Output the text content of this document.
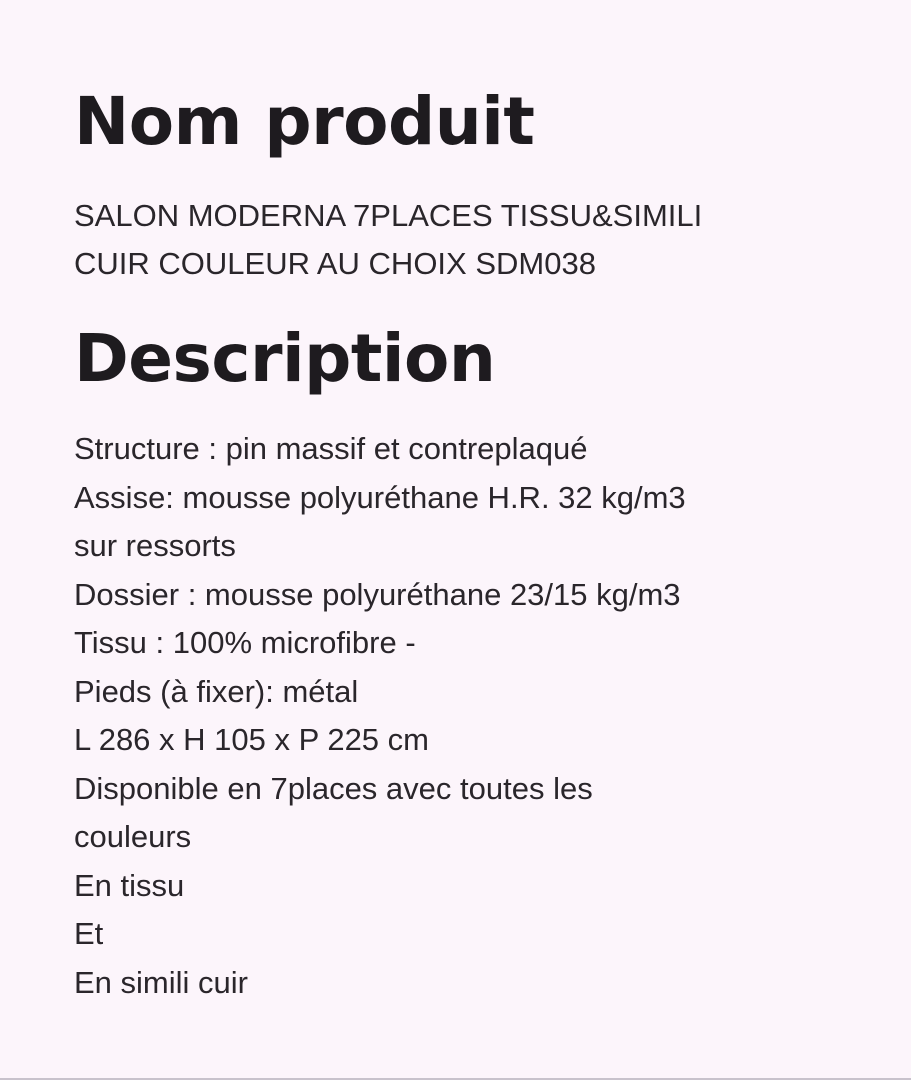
Nom produit

SALON MODERNA 7PLACES TISSU&SIMILI
CUIR COULEUR AU CHOIX SDM038

Description
Structure : pin massif et contreplaqué
Assise: mousse polyuréthane H.R. 32 kg/m3
sur ressorts
Dossier : mousse polyuréthane 23/15 kg/m3
Tissu : 100% microfibre -
Pieds (à fixer): métal
L 286 x H 105 x P 225 cm
Disponible en 7places avec toutes les
couleurs
En tissu
Et
En simili cuir
